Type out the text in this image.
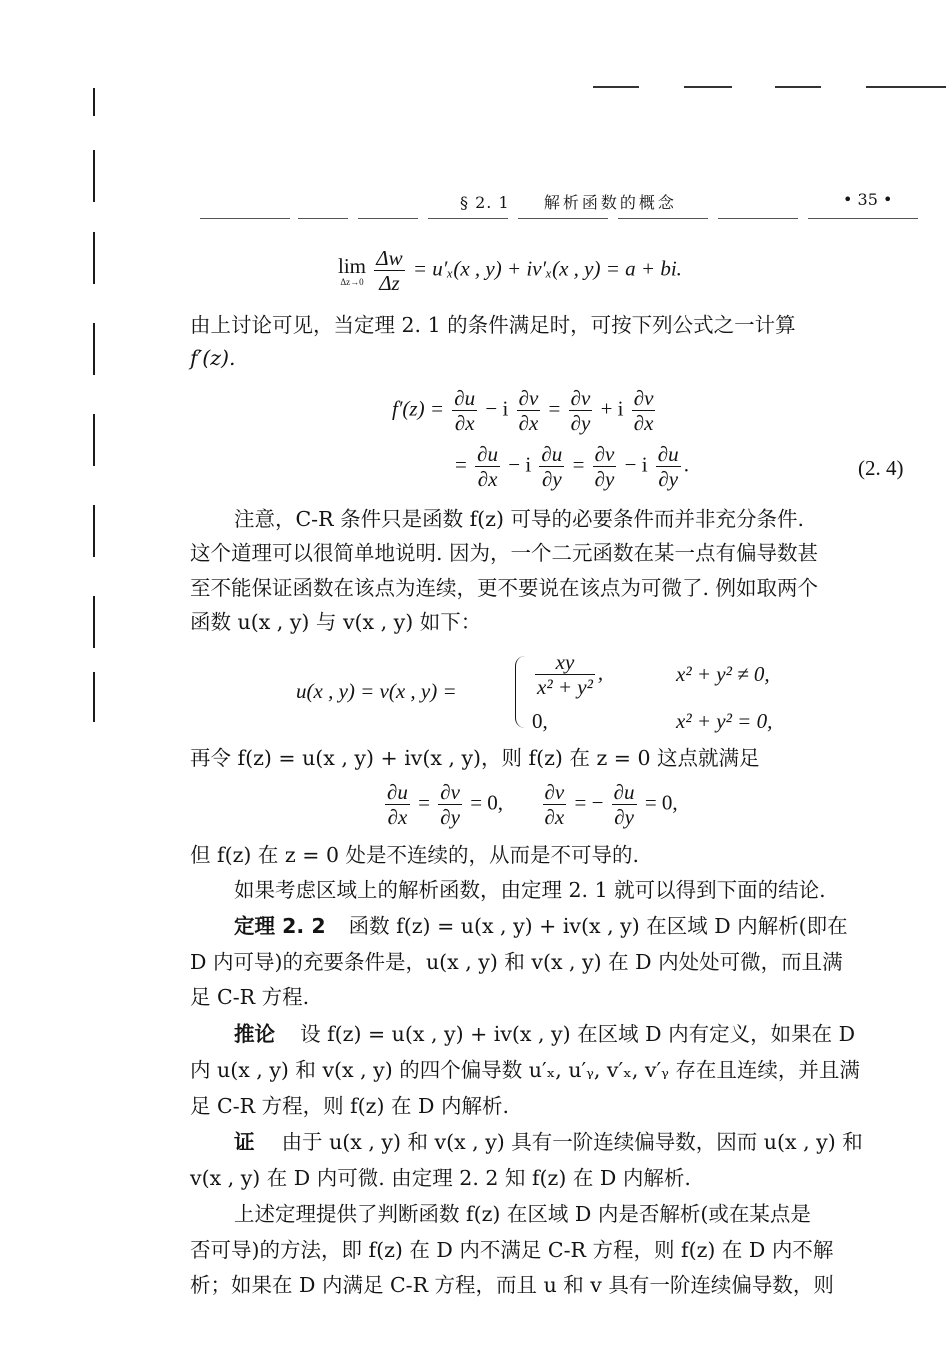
§ 2. 1 解析函数的概念	• 35 •
lim
Δz→0
$\frac{\Delta w}{\Delta z} = u'_x(x$ , y) + iv′ₓ(x , y) = a + bi.
由上讨论可见，当定理 2. 1 的条件满足时，可按下列公式之一计算
f′(z).
$f'(z) = \frac{\partial u}{\partial x} - i \frac{\partial v}{\partial x} = \frac{\partial v}{\partial y} + i \frac{\partial v}{\partial x}$
= $\frac{\partial u}{\partial x} - i \frac{\partial u}{\partial y} = \frac{\partial v}{\partial y} - i \frac{\partial u}{\partial y}$ .	(2. 4)
注意，C-R 条件只是函数 f(z) 可导的必要条件而并非充分条件.
这个道理可以很简单地说明. 因为，一个二元函数在某一点有偏导数甚
至不能保证函数在该点为连续，更不要说在该点为可微了. 例如取两个
函数 u(x , y) 与 v(x , y) 如下：
u(x , y) = v(x , y) =	$\frac{xy}{\text{x² + y²}}$ ,	x² + y² ≠ 0,
0,	x² + y² = 0,
再令 f(z) = u(x , y) + iv(x , y)，则 f(z) 在 z = 0 这点就满足
$\frac{\partial u}{\partial x} = \frac{\partial v}{\partial y} = 0$, $\frac{\partial v}{\partial x}$ = − $\frac{\partial u}{\partial y} = 0$,
但 f(z) 在 z = 0 处是不连续的，从而是不可导的.
如果考虑区域上的解析函数，由定理 2. 1 就可以得到下面的结论.
定理 2. 2 函数 f(z) = u(x , y) + iv(x , y) 在区域 D 内解析(即在
D 内可导)的充要条件是，u(x , y) 和 v(x , y) 在 D 内处处可微，而且满
足 C-R 方程.
推论 设 f(z) = u(x , y) + iv(x , y) 在区域 D 内有定义，如果在 D
内 u(x , y) 和 v(x , y) 的四个偏导数 u′ₓ, u′ᵧ, v′ₓ, v′ᵧ 存在且连续，并且满
足 C-R 方程，则 f(z) 在 D 内解析.
证 由于 u(x , y) 和 v(x , y) 具有一阶连续偏导数，因而 u(x , y) 和
v(x , y) 在 D 内可微. 由定理 2. 2 知 f(z) 在 D 内解析.
上述定理提供了判断函数 f(z) 在区域 D 内是否解析(或在某点是
否可导)的方法，即 f(z) 在 D 内不满足 C-R 方程，则 f(z) 在 D 内不解
析；如果在 D 内满足 C-R 方程，而且 u 和 v 具有一阶连续偏导数，则
